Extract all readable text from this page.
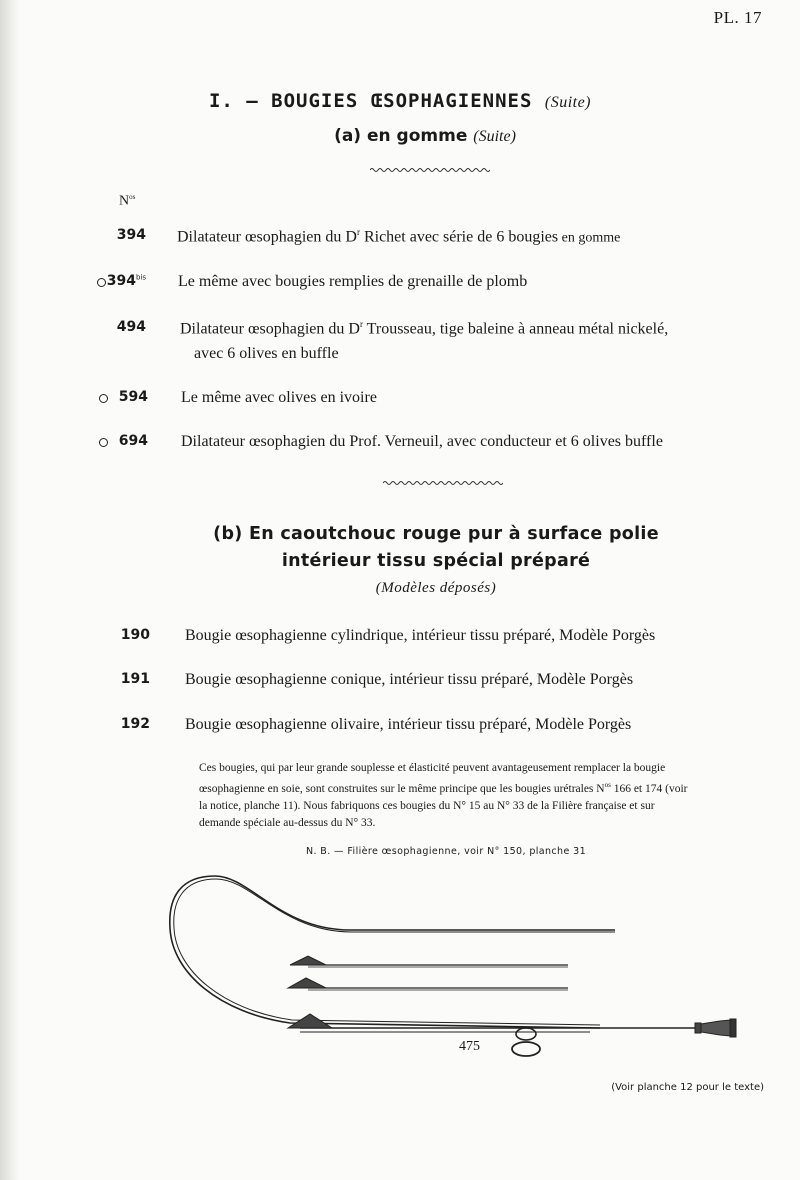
PL. 17
I. — BOUGIES ŒSOPHAGIENNES (Suite)
(a) en gomme (Suite)
$N^{os}$
394 Dilatateur œsophagien du $D^r$ Richet avec série de 6 bougies en gomme
$394^{bis}$ Le même avec bougies remplies de grenaille de plomb
494 Dilatateur œsophagien du $D^r$ Trousseau, tige baleine à anneau métal nickelé,
avec 6 olives en buffle
594 Le même avec olives en ivoire
694 Dilatateur œsophagien du Prof. Verneuil, avec conducteur et 6 olives buffle
(b) En caoutchouc rouge pur à surface polie
intérieur tissu spécial préparé
(Modèles déposés)
190 Bougie œsophagienne cylindrique, intérieur tissu préparé, Modèle Porgès
191 Bougie œsophagienne conique, intérieur tissu préparé, Modèle Porgès
192 Bougie œsophagienne olivaire, intérieur tissu préparé, Modèle Porgès
Ces bougies, qui par leur grande souplesse et élasticité peuvent avantageusement remplacer la bougie
œsophagienne en soie, sont construites sur le même principe que les bougies urétrales $N^{os}$ 166 et 174 (voir
la notice, planche 11). Nous fabriquons ces bougies du N° 15 au N° 33 de la Filière française et sur
demande spéciale au-dessus du N° 33.
N. B. — Filière œsophagienne, voir N° 150, planche 31
475
(Voir planche 12 pour le texte)
